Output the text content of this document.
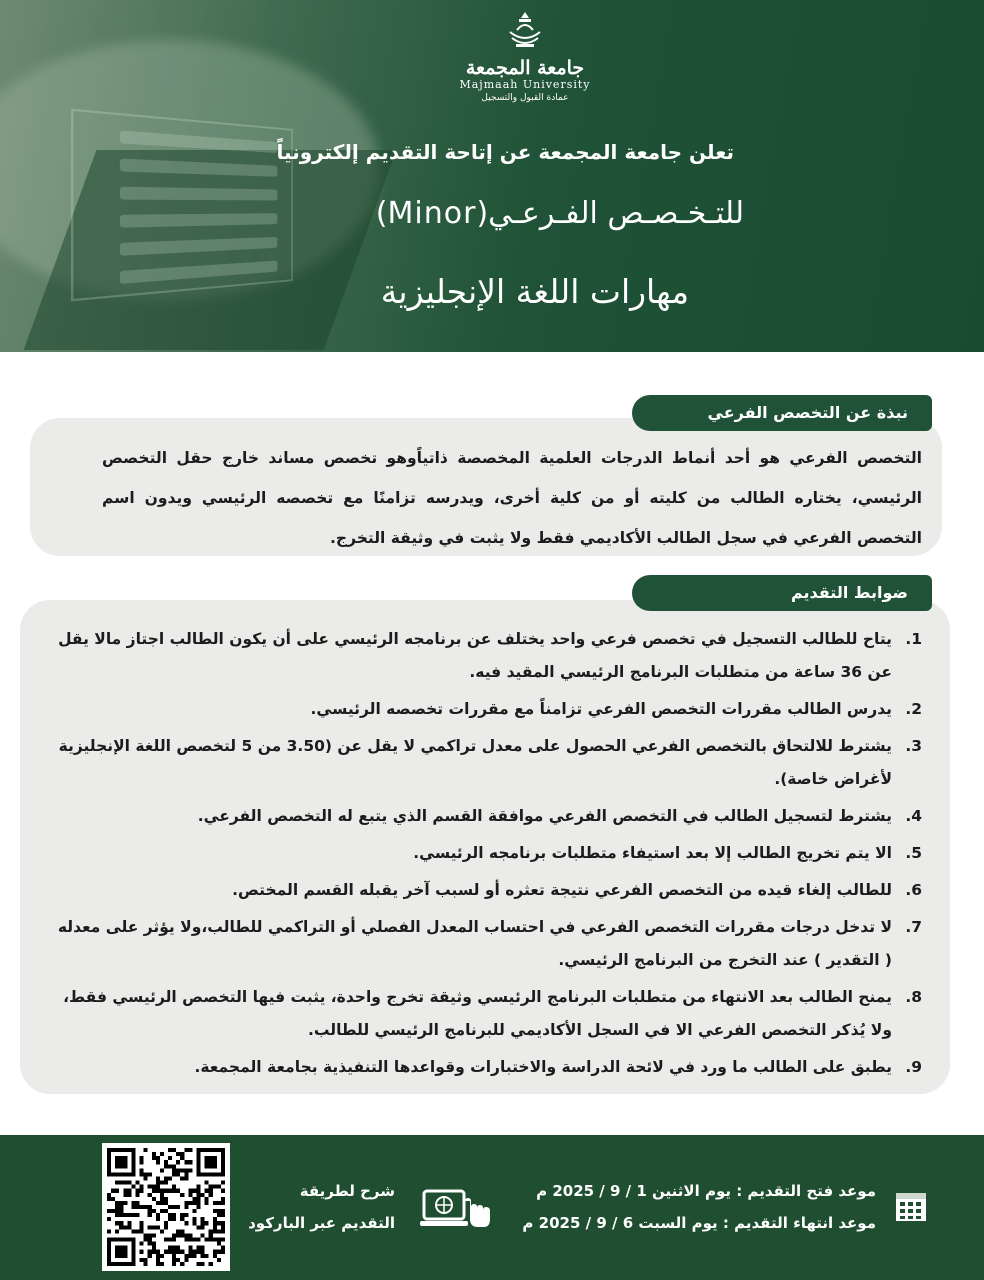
جامعة المجمعة
Majmaah University
عمادة القبول والتسجيل
تعلن جامعة المجمعة عن إتاحة التقديم إلكترونياً
للتـخـصـص الفـرعـي(Minor)
مهارات اللغة الإنجليزية
نبذة عن التخصص الفرعي

التخصص الفرعي هو أحد أنماط الدرجات العلمية المخصصة ذاتياًوهو تخصص مساند خارج حقل التخصص الرئيسي، يختاره الطالب من كليته أو من كلية أخرى، ويدرسه تزامنًا مع تخصصه الرئيسي ويدون اسم التخصص الفرعي في سجل الطالب الأكاديمي فقط ولا يثبت في وثيقة التخرج.

ضوابط التقديم
1.
يتاح للطالب التسجيل في تخصص فرعي واحد يختلف عن برنامجه الرئيسي على أن يكون الطالب اجتاز مالا يقل عن 36 ساعة من متطلبات البرنامج الرئيسي المقيد فيه.
2.
يدرس الطالب مقررات التخصص الفرعي تزامناً مع مقررات تخصصه الرئيسي.
3.
يشترط للالتحاق بالتخصص الفرعي الحصول على معدل تراكمي لا يقل عن (3.50 من 5 لتخصص اللغة الإنجليزية لأغراض خاصة).
4.
يشترط لتسجيل الطالب في التخصص الفرعي موافقة القسم الذي يتبع له التخصص الفرعي.
5.
الا يتم تخريج الطالب إلا بعد استيفاء متطلبات برنامجه الرئيسي.
6.
للطالب إلغاء قيده من التخصص الفرعي نتيجة تعثره أو لسبب آخر يقبله القسم المختص.
7.
لا تدخل درجات مقررات التخصص الفرعي في احتساب المعدل الفصلي أو التراكمي للطالب،ولا يؤثر على معدله ( التقدير ) عند التخرج من البرنامج الرئيسي.
8.
يمنح الطالب بعد الانتهاء من متطلبات البرنامج الرئيسي وثيقة تخرج واحدة، يثبت فيها التخصص الرئيسي فقط، ولا يُذكر التخصص الفرعي الا في السجل الأكاديمي للبرنامج الرئيسي للطالب.
9.
يطبق على الطالب ما ورد في لائحة الدراسة والاختبارات وقواعدها التنفيذية بجامعة المجمعة.
موعد فتح التقديم : يوم الاثنين 1 / 9 / 2025 م
موعد انتهاء التقديم : يوم السبت 6 / 9 / 2025 م
شرح لطريقة
التقديم عبر الباركود
